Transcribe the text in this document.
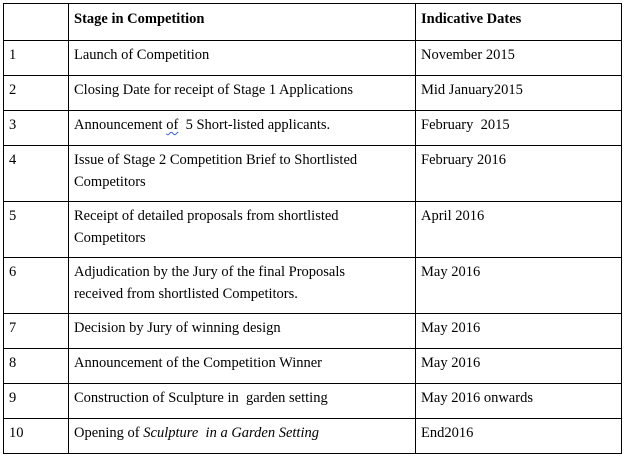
	Stage in Competition	Indicative Dates
1	Launch of Competition	November 2015
2	Closing Date for receipt of Stage 1 Applications	Mid January2015
3	Announcement of  5 Short-listed applicants.	February  2015
4	Issue of Stage 2 Competition Brief to Shortlisted
Competitors	February 2016
5	Receipt of detailed proposals from shortlisted
Competitors	April 2016
6	Adjudication by the Jury of the final Proposals
received from shortlisted Competitors.	May 2016
7	Decision by Jury of winning design	May 2016
8	Announcement of the Competition Winner	May 2016
9	Construction of Sculpture in  garden setting	May 2016 onwards
10	Opening of Sculpture  in a Garden Setting	End2016
